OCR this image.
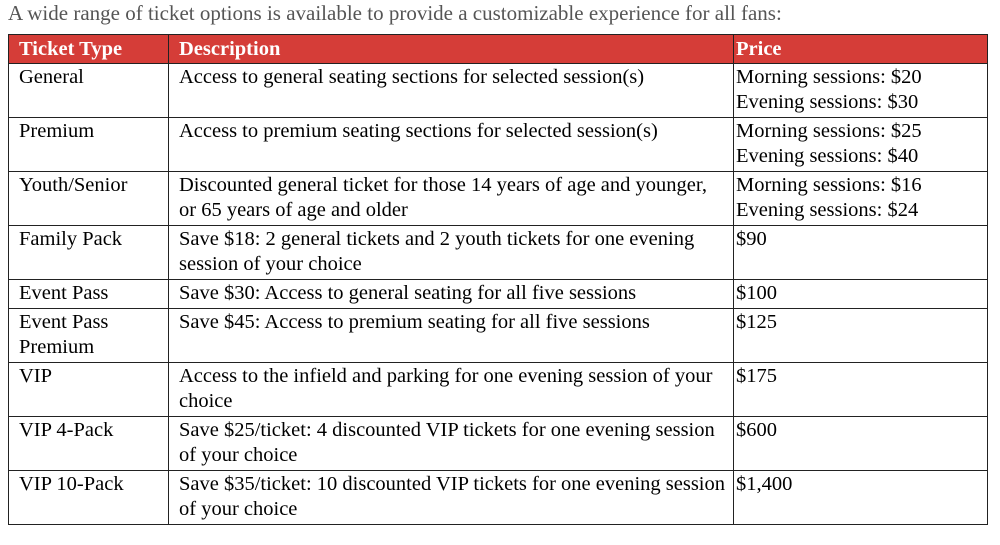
A wide range of ticket options is available to provide a customizable experience for all fans:
Ticket Type	Description	Price
General	Access to general seating sections for selected session(s)	Morning sessions: $20
Evening sessions: $30

Premium	Access to premium seating sections for selected session(s)	Morning sessions: $25
Evening sessions: $40

Youth/Senior	Discounted general ticket for those 14 years of age and younger, or 65 years of age and older	Morning sessions: $16
Evening sessions: $24

Family Pack	Save $18: 2 general tickets and 2 youth tickets for one evening session of your choice	$90

Event Pass	Save $30: Access to general seating for all five sessions	$100

Event Pass Premium	Save $45: Access to premium seating for all five sessions	$125

VIP	Access to the infield and parking for one evening session of your choice	$175

VIP 4-Pack	Save $25/ticket: 4 discounted VIP tickets for one evening session of your choice	$600

VIP 10-Pack	Save $35/ticket: 10 discounted VIP tickets for one evening session of your choice	$1,400
